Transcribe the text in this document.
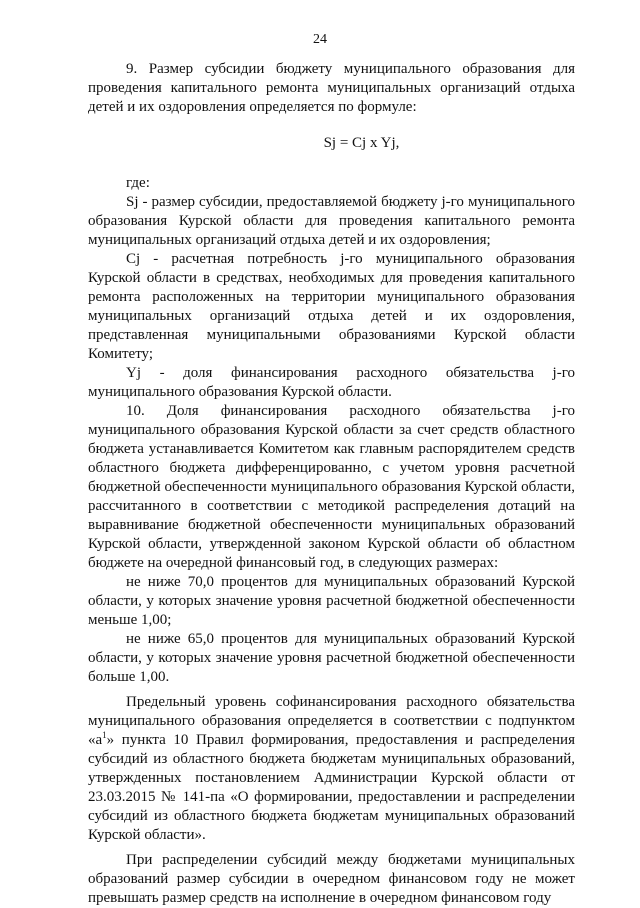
24

9. Размер субсидии бюджету муниципального образования для проведения капитального ремонта муниципальных организаций отдыха детей и их оздоровления определяется по формуле:

Sj = Cj x Yj,

где:

Sj - размер субсидии, предоставляемой бюджету j-го муниципального образования Курской области для проведения капитального ремонта муниципальных организаций отдыха детей и их оздоровления;

Cj - расчетная потребность j-го муниципального образования Курской области в средствах, необходимых для проведения капитального ремонта расположенных на территории муниципального образования муниципальных организаций отдыха детей и их оздоровления, представленная муниципальными образованиями Курской области Комитету;

Yj - доля финансирования расходного обязательства j-го муниципального образования Курской области.

10. Доля финансирования расходного обязательства j-го муниципального образования Курской области за счет средств областного бюджета устанавливается Комитетом как главным распорядителем средств областного бюджета дифференцированно, с учетом уровня расчетной бюджетной обеспеченности муниципального образования Курской области, рассчитанного в соответствии с методикой распределения дотаций на выравнивание бюджетной обеспеченности муниципальных образований Курской области, утвержденной законом Курской области об областном бюджете на очередной финансовый год, в следующих размерах:

не ниже 70,0 процентов для муниципальных образований Курской области, у которых значение уровня расчетной бюджетной обеспеченности меньше 1,00;

не ниже 65,0 процентов для муниципальных образований Курской области, у которых значение уровня расчетной бюджетной обеспеченности больше 1,00.

Предельный уровень софинансирования расходного обязательства муниципального образования определяется в соответствии с подпунктом «$а^1$» пункта 10 Правил формирования, предоставления и распределения субсидий из областного бюджета бюджетам муниципальных образований, утвержденных постановлением Администрации Курской области от 23.03.2015 № 141-па «О формировании, предоставлении и распределении субсидий из областного бюджета бюджетам муниципальных образований Курской области».

При распределении субсидий между бюджетами муниципальных образований размер субсидии в очередном финансовом году не может превышать размер средств на исполнение в очередном финансовом году
